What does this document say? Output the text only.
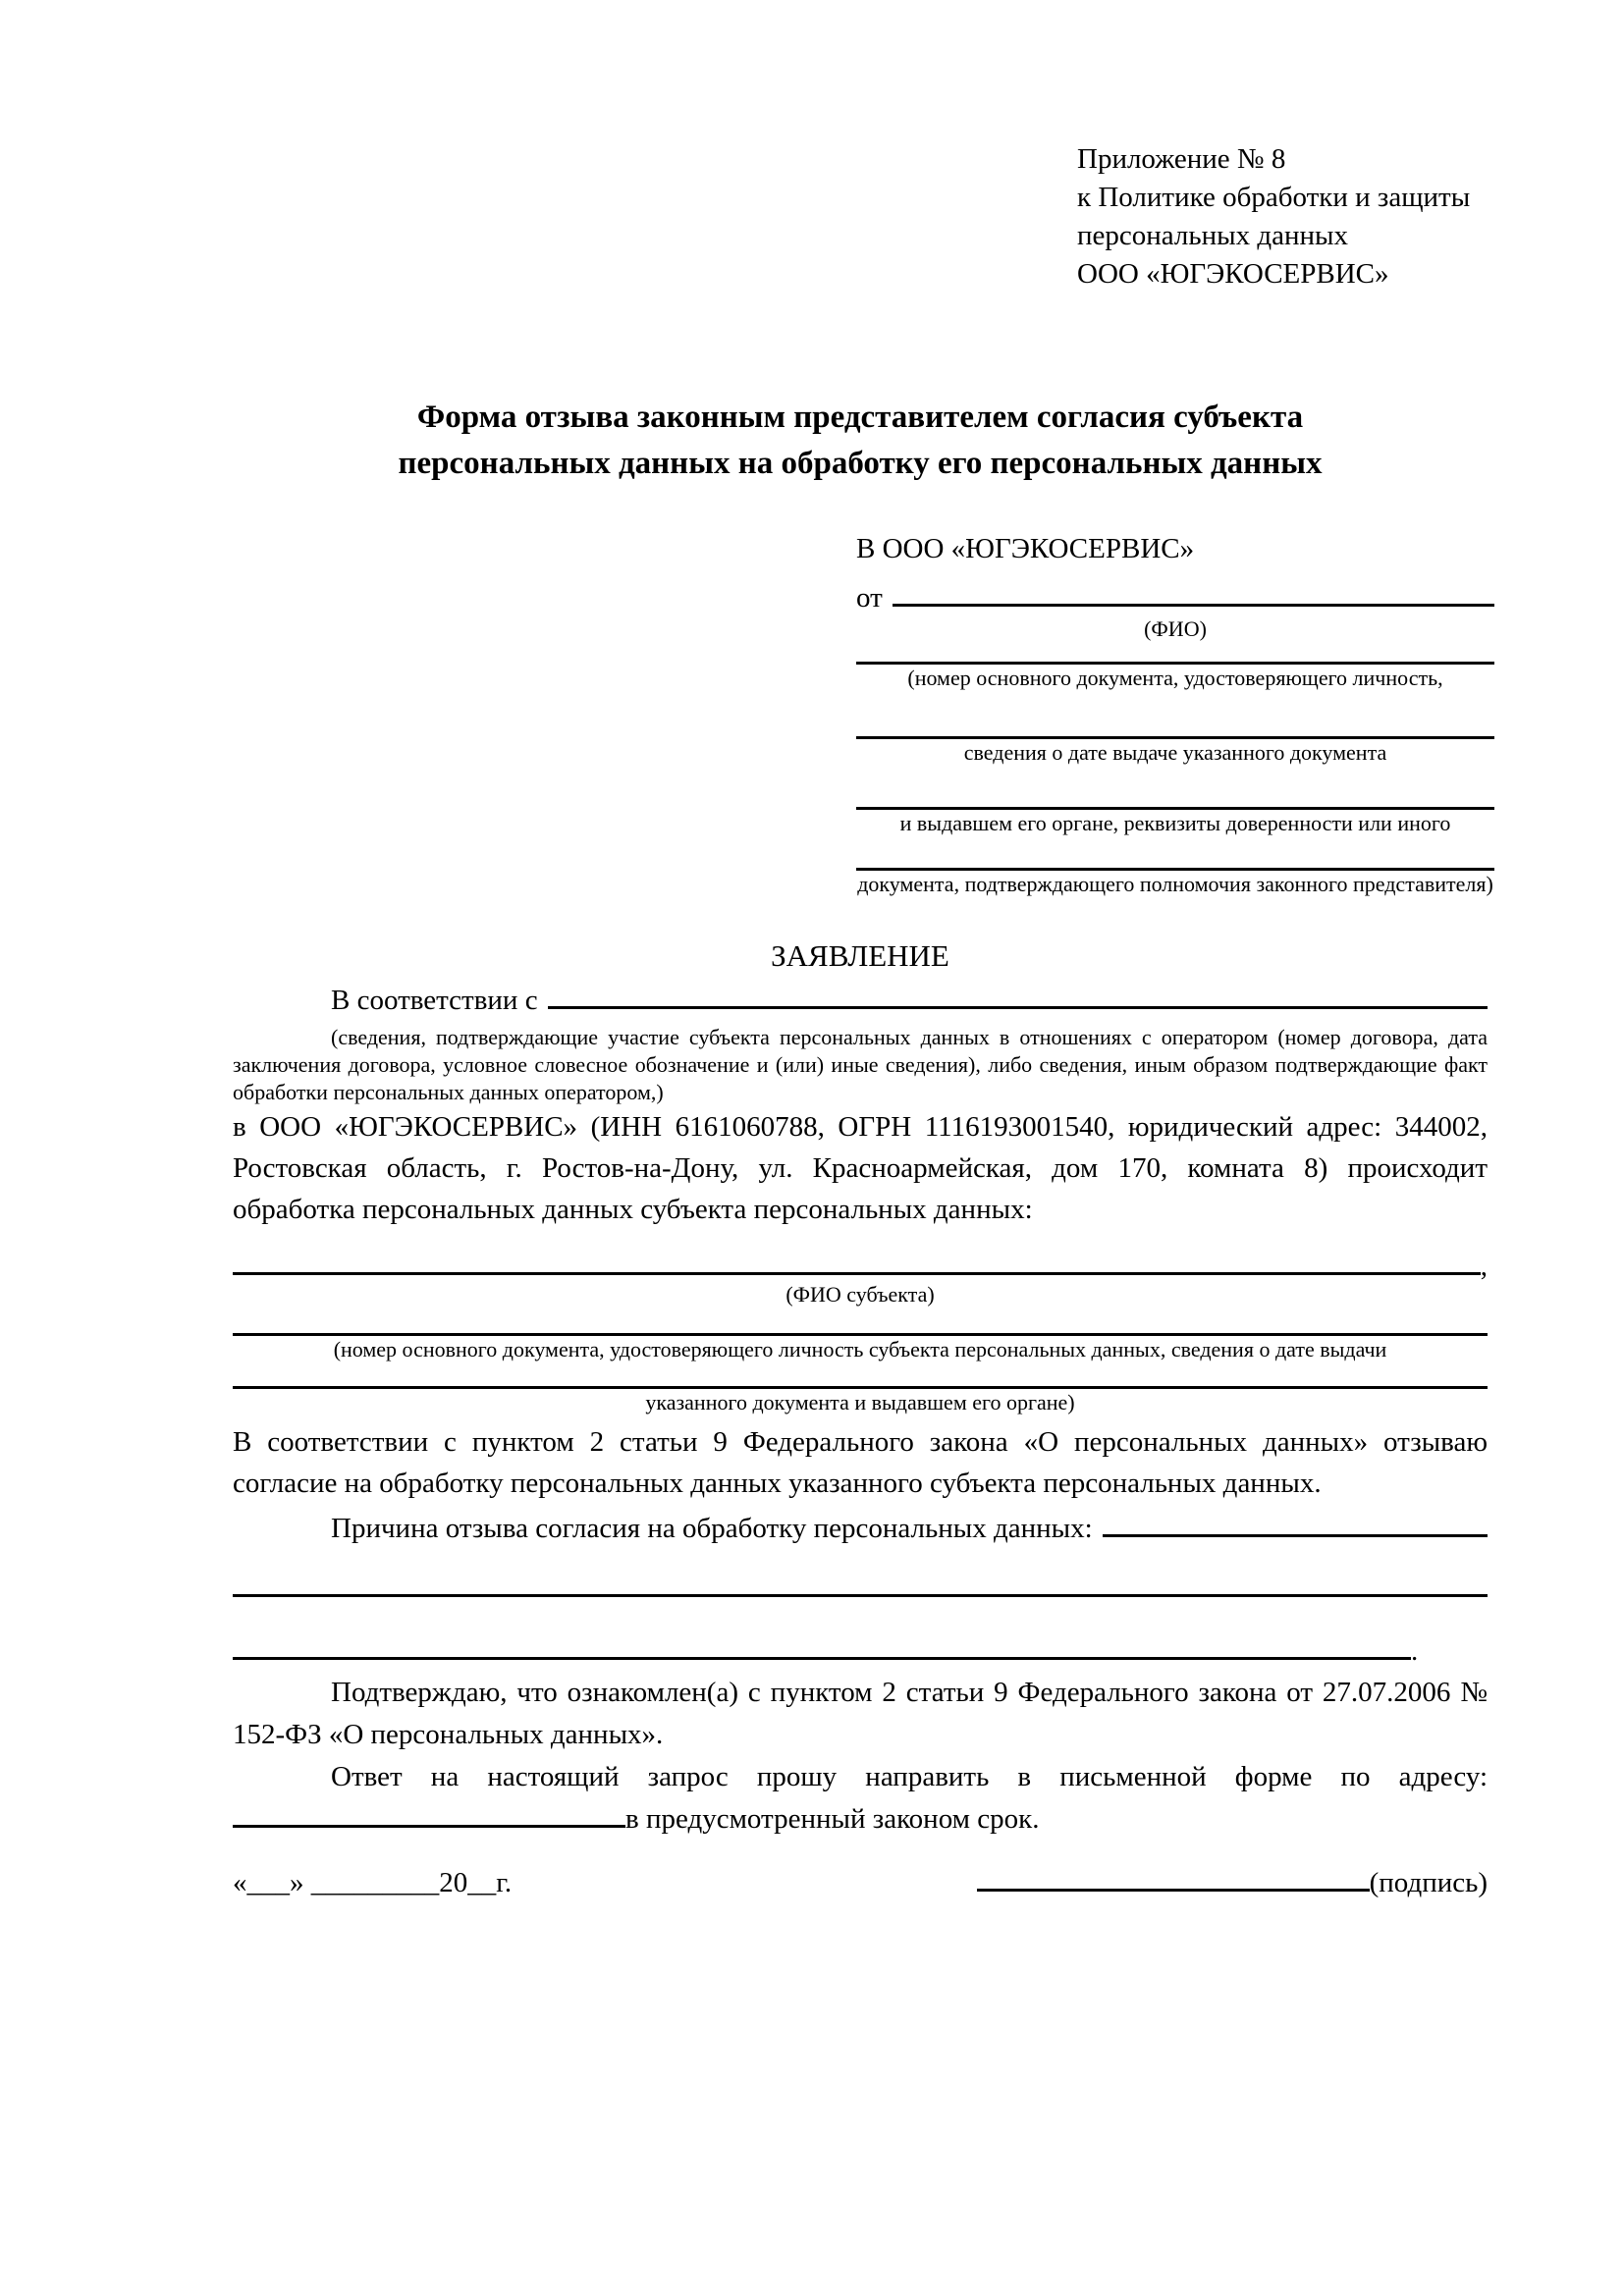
Приложение № 8
к Политике обработки и защиты
персональных данных
ООО «ЮГЭКОСЕРВИС»
Форма отзыва законным представителем согласия субъекта
персональных данных на обработку его персональных данных
В ООО «ЮГЭКОСЕРВИС»
от
(ФИО)
(номер основного документа, удостоверяющего личность,
сведения о дате выдаче указанного документа
и выдавшем его органе, реквизиты доверенности или иного
документа, подтверждающего полномочия законного представителя)
ЗАЯВЛЕНИЕ
В соответствии с
(сведения, подтверждающие участие субъекта персональных данных в отношениях с оператором (номер договора, дата заключения договора, условное словесное обозначение и (или) иные сведения), либо сведения, иным образом подтверждающие факт обработки персональных данных оператором,)
в ООО «ЮГЭКОСЕРВИС» (ИНН 6161060788, ОГРН 1116193001540, юридический адрес: 344002, Ростовская область, г. Ростов-на-Дону, ул. Красноармейская, дом 170, комната 8) происходит обработка персональных данных субъекта персональных данных:
,
(ФИО субъекта)
(номер основного документа, удостоверяющего личность субъекта персональных данных, сведения о дате выдачи
указанного документа и выдавшем его органе)
В соответствии с пунктом 2 статьи 9 Федерального закона «О персональных данных» отзываю согласие на обработку персональных данных указанного субъекта персональных данных.
Причина отзыва согласия на обработку персональных данных:
.
Подтверждаю, что ознакомлен(а) с пунктом 2 статьи 9 Федерального закона от 27.07.2006 № 152-ФЗ «О персональных данных».
Ответ на настоящий запрос прошу направить в письменной форме по адресу: в предусмотренный законом срок.
«___» _________20__г.	(подпись)
